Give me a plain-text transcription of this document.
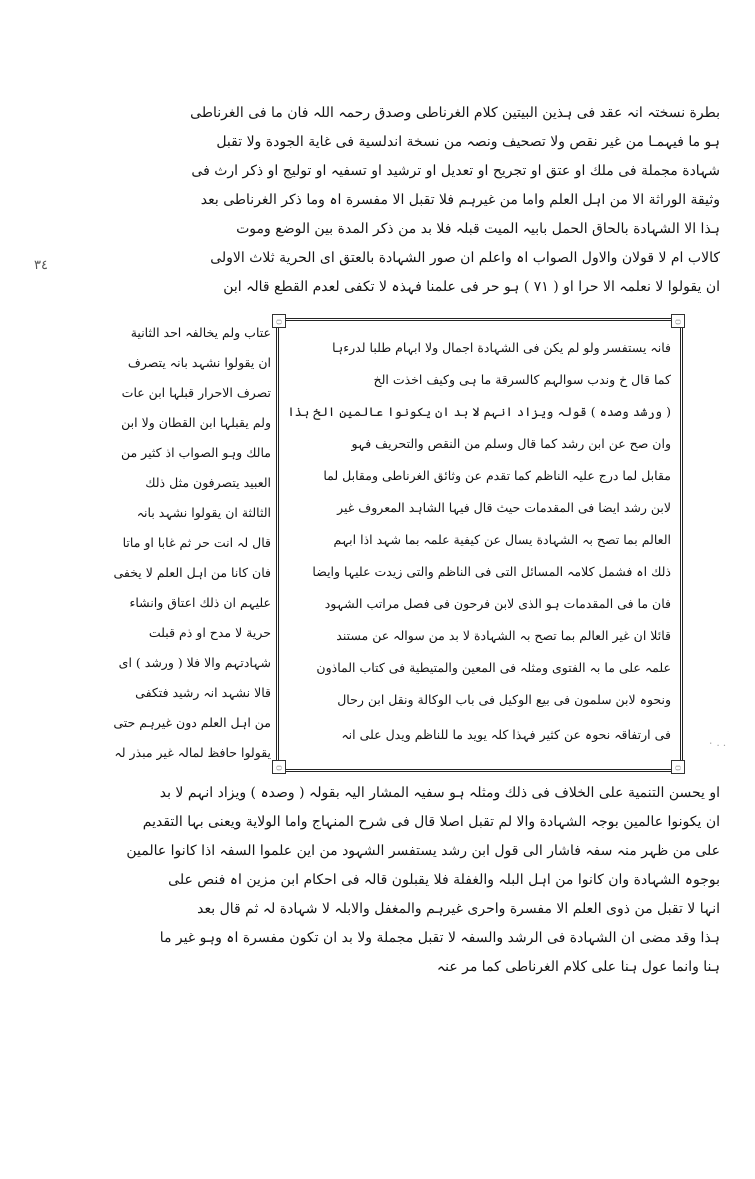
بطرة نسختہ انہ عقد فی ہذین البیتین کلام الغرناطی وصدق رحمہ اللہ فان ما فی الغرناطی
ہو ما فیہمـا من غیر نقص ولا تصحیف ونصہ من نسخة اندلسیة فی غایة الجودة ولا تقبل
شہادة مجملة فی ملك او عتق او تجریح او تعدیل او ترشید او تسفیہ او تولیج او ذكر ارث فی
وثیقة الوراثة الا من اہل العلم واما من غیرہم فلا تقبل الا مفسرة اہ وما ذكر الغرناطی بعد
ہذا الا الشہادة بالحاق الحمل بابیہ المیت قبلہ فلا بد من ذكر المدة بین الوضع وموت
كالاب ام لا قولان والاول الصواب اہ واعلم ان صور الشہادة بالعتق ای الحریة ثلاث الاولی
ان یقولوا لا نعلمہ الا حرا او ( ٧١ ) ہو حر فی علمنا فہذہ لا تكفی لعدم القطع قالہ ابن
٣٤
٠ . .
۝	۝
۝	۝
فانہ یستفسر ولو لم یكن فی الشہادة اجمال ولا ابہام طلبا لدرءہا
كما قال خ وندب سوالہم كالسرقة ما ہی وكیف اخذت الخ
( ورشد وصدہ ) قولہ ویزاد انہم لا بد ان یكونوا عالمین الخ ہذا
وان صح عن ابن رشد كما قال وسلم من النقص والتحریف فہو
مقابل لما درج علیہ الناظم كما تقدم عن وثائق الغرناطی ومقابل لما
لابن رشد ایضا فی المقدمات حیث قال فیہا الشاہد المعروف غیر
العالم بما تصح بہ الشہادة یسال عن كیفیة علمہ بما شہد اذا ابہم
ذلك اہ فشمل كلامہ المسائل التی فی الناظم والتی زیدت علیہا وایضا
فان ما فی المقدمات ہو الذی لابن فرحون فی فصل مراتب الشہود
قائلا ان غیر العالم بما تصح بہ الشہادة لا بد من سوالہ عن مستند
علمہ علی ما بہ الفتوی ومثلہ فی المعین والمتیطیة فی كتاب الماذون
ونحوہ لابن سلمون فی بیع الوكیل فی باب الوكالة ونقل ابن رحال
فی ارتفاقہ نحوہ عن كثیر فہذا كلہ یوید ما للناظم ویدل علی انہ
عتاب ولم یخالفہ احد الثانیة
ان یقولوا نشہد بانہ یتصرف
تصرف الاحرار قبلہا ابن عات
ولم یقبلہا ابن القطان ولا ابن
مالك وہو الصواب اذ كثیر من
العبید یتصرفون مثل ذلك
الثالثة ان یقولوا نشہد بانہ
قال لہ انت حر ثم غابا او ماتا
فان كانا من اہل العلم لا یخفی
علیہم ان ذلك اعتاق وانشاء
حریة لا مدح او ذم قبلت
شہادتہم والا فلا ( ورشد ) ای
قالا نشہد انہ رشید فتكفی
من اہل العلم دون غیرہم حتی
یقولوا حافظ لمالہ غیر مبذر لہ
او یحسن التنمیة علی الخلاف فی ذلك ومثلہ ہو سفیہ المشار الیہ بقولہ ( وصدہ ) ویزاد انہم لا بد
ان یكونوا عالمین بوجہ الشہادة والا لم تقبل اصلا قال فی شرح المنہاج واما الولایة ویعنی بہا التقدیم
علی من ظہر منہ سفہ فاشار الی قول ابن رشد یستفسر الشہود من این علموا السفہ اذا كانوا عالمین
بوجوہ الشہادة وان كانوا من اہل البلہ والغفلة فلا یقبلون قالہ فی احكام ابن مزین اہ فنص علی
انہا لا تقبل من ذوی العلم الا مفسرة واحری غیرہم والمغفل والابلہ لا شہادة لہ ثم قال بعد
ہذا وقد مضی ان الشہادة فی الرشد والسفہ لا تقبل مجملة ولا بد ان تكون مفسرة اہ وہو غیر ما
ہنا وانما عول ہنا علی كلام الغرناطی كما مر عنہ
